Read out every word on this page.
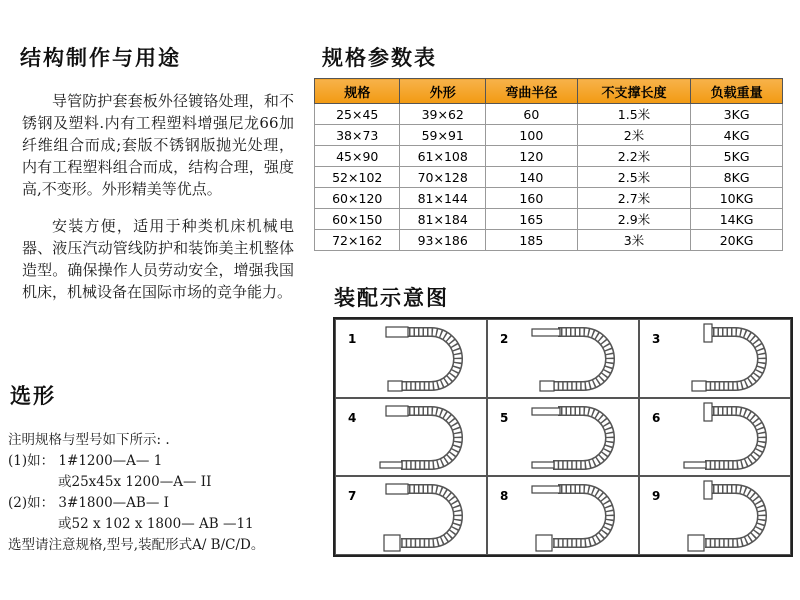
结构制作与用途
导管防护套套板外径镀铬处理，和不锈钢及塑料.内有工程塑料增强尼龙66加纤维组合而成;套版不锈钢版抛光处理，内有工程塑料组合而成，结构合理，强度高,不变形。外形精美等优点。
安装方便，适用于种类机床机械电器、液压汽动管线防护和装饰美主机整体造型。确保操作人员劳动安全，增强我国机床，机械设备在国际市场的竞争能力。
规格参数表
规格	外形	弯曲半径	不支撑长度	负载重量
25×45	39×62	60	1.5米	3KG
38×73	59×91	100	2米	4KG
45×90	61×108	120	2.2米	5KG
52×102	70×128	140	2.5米	8KG
60×120	81×144	160	2.7米	10KG
60×150	81×184	165	2.9米	14KG
72×162	93×186	185	3米	20KG
装配示意图
1	2	3
4	5	6
7	8	9
选形
注明规格与型号如下所示: .
(1)如： 1#1200—A— 1
或25x45x 1200—A— II
(2)如： 3#1800—AB— I
或52 x 102 x 1800— AB —11
选型请注意规格,型号,装配形式A/ B/C/D。
